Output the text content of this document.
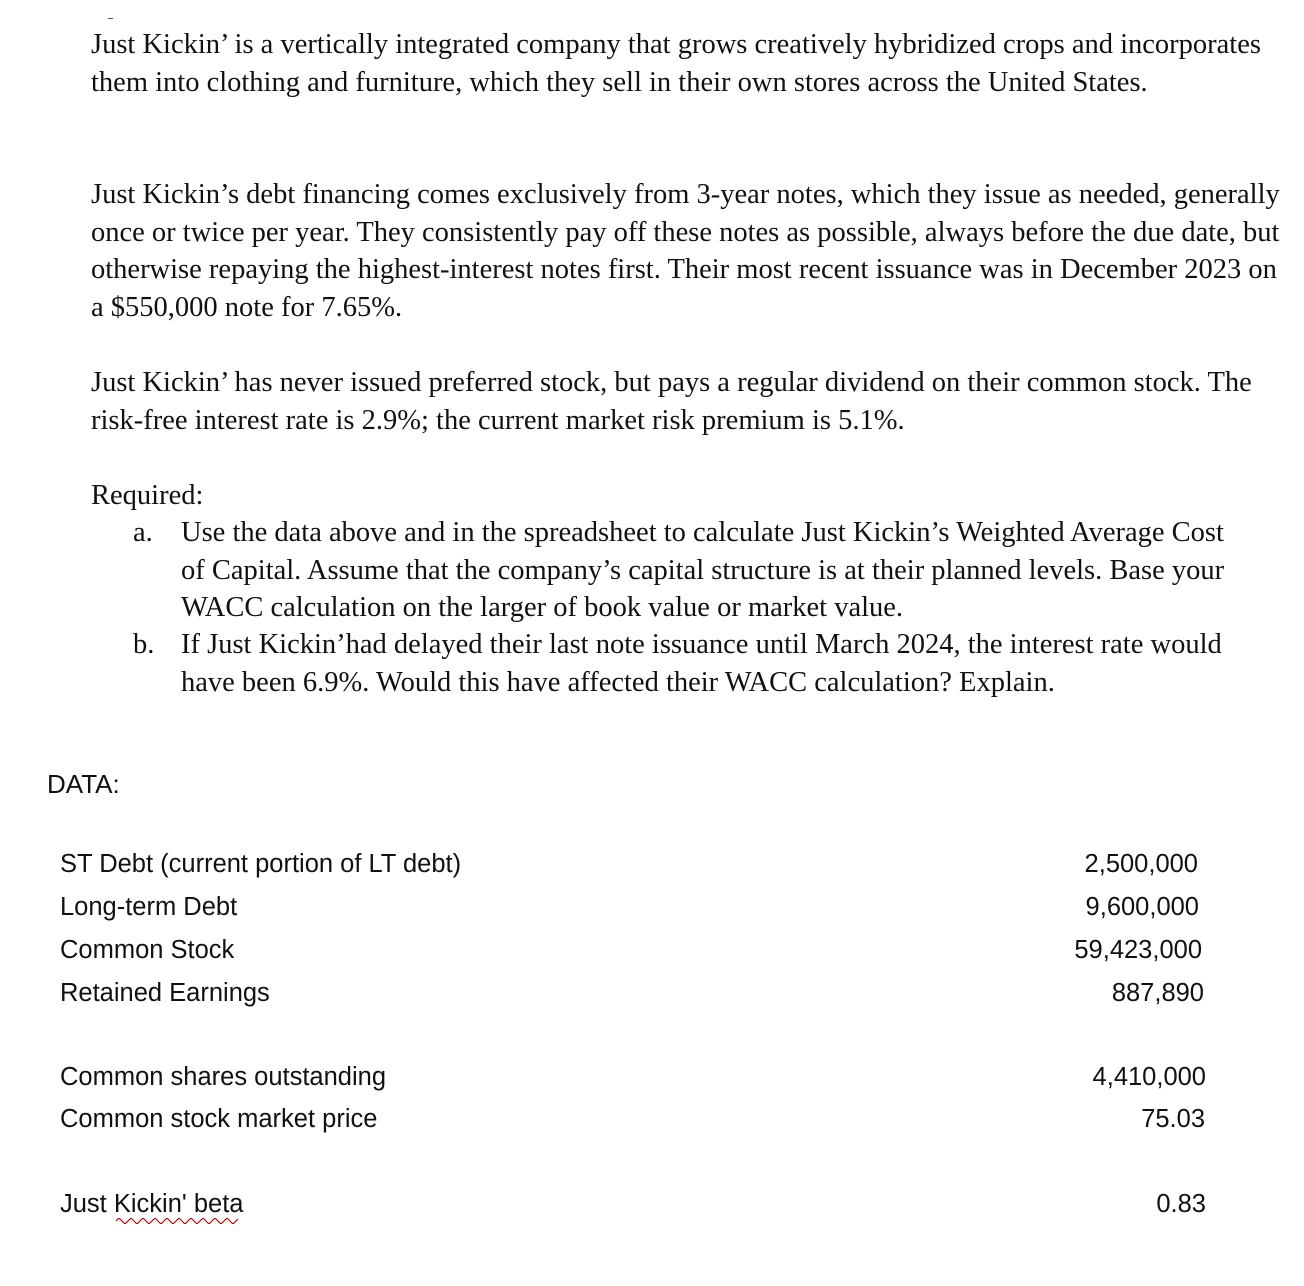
Just Kickin’ is a vertically integrated company that grows creatively hybridized crops and incorporates them into clothing and furniture, which they sell in their own stores across the United States.

Just Kickin’s debt financing comes exclusively from 3-year notes, which they issue as needed, generally once or twice per year. They consistently pay off these notes as possible, always before the due date, but otherwise repaying the highest-interest notes first. Their most recent issuance was in December 2023 on a $550,000 note for 7.65%.

Just Kickin’ has never issued preferred stock, but pays a regular dividend on their common stock. The risk-free interest rate is 2.9%; the current market risk premium is 5.1%.

Required:

a. Use the data above and in the spreadsheet to calculate Just Kickin’s Weighted Average Cost of Capital. Assume that the company’s capital structure is at their planned levels. Base your WACC calculation on the larger of book value or market value.
b. If Just Kickin’had delayed their last note issuance until March 2024, the interest rate would have been 6.9%. Would this have affected their WACC calculation? Explain.

DATA:

ST Debt (current portion of LT debt)	2,500,000
Long-term Debt	9,600,000
Common Stock	59,423,000
Retained Earnings	887,890
Common shares outstanding	4,410,000
Common stock market price	75.03
Just Kickin' beta	0.83
